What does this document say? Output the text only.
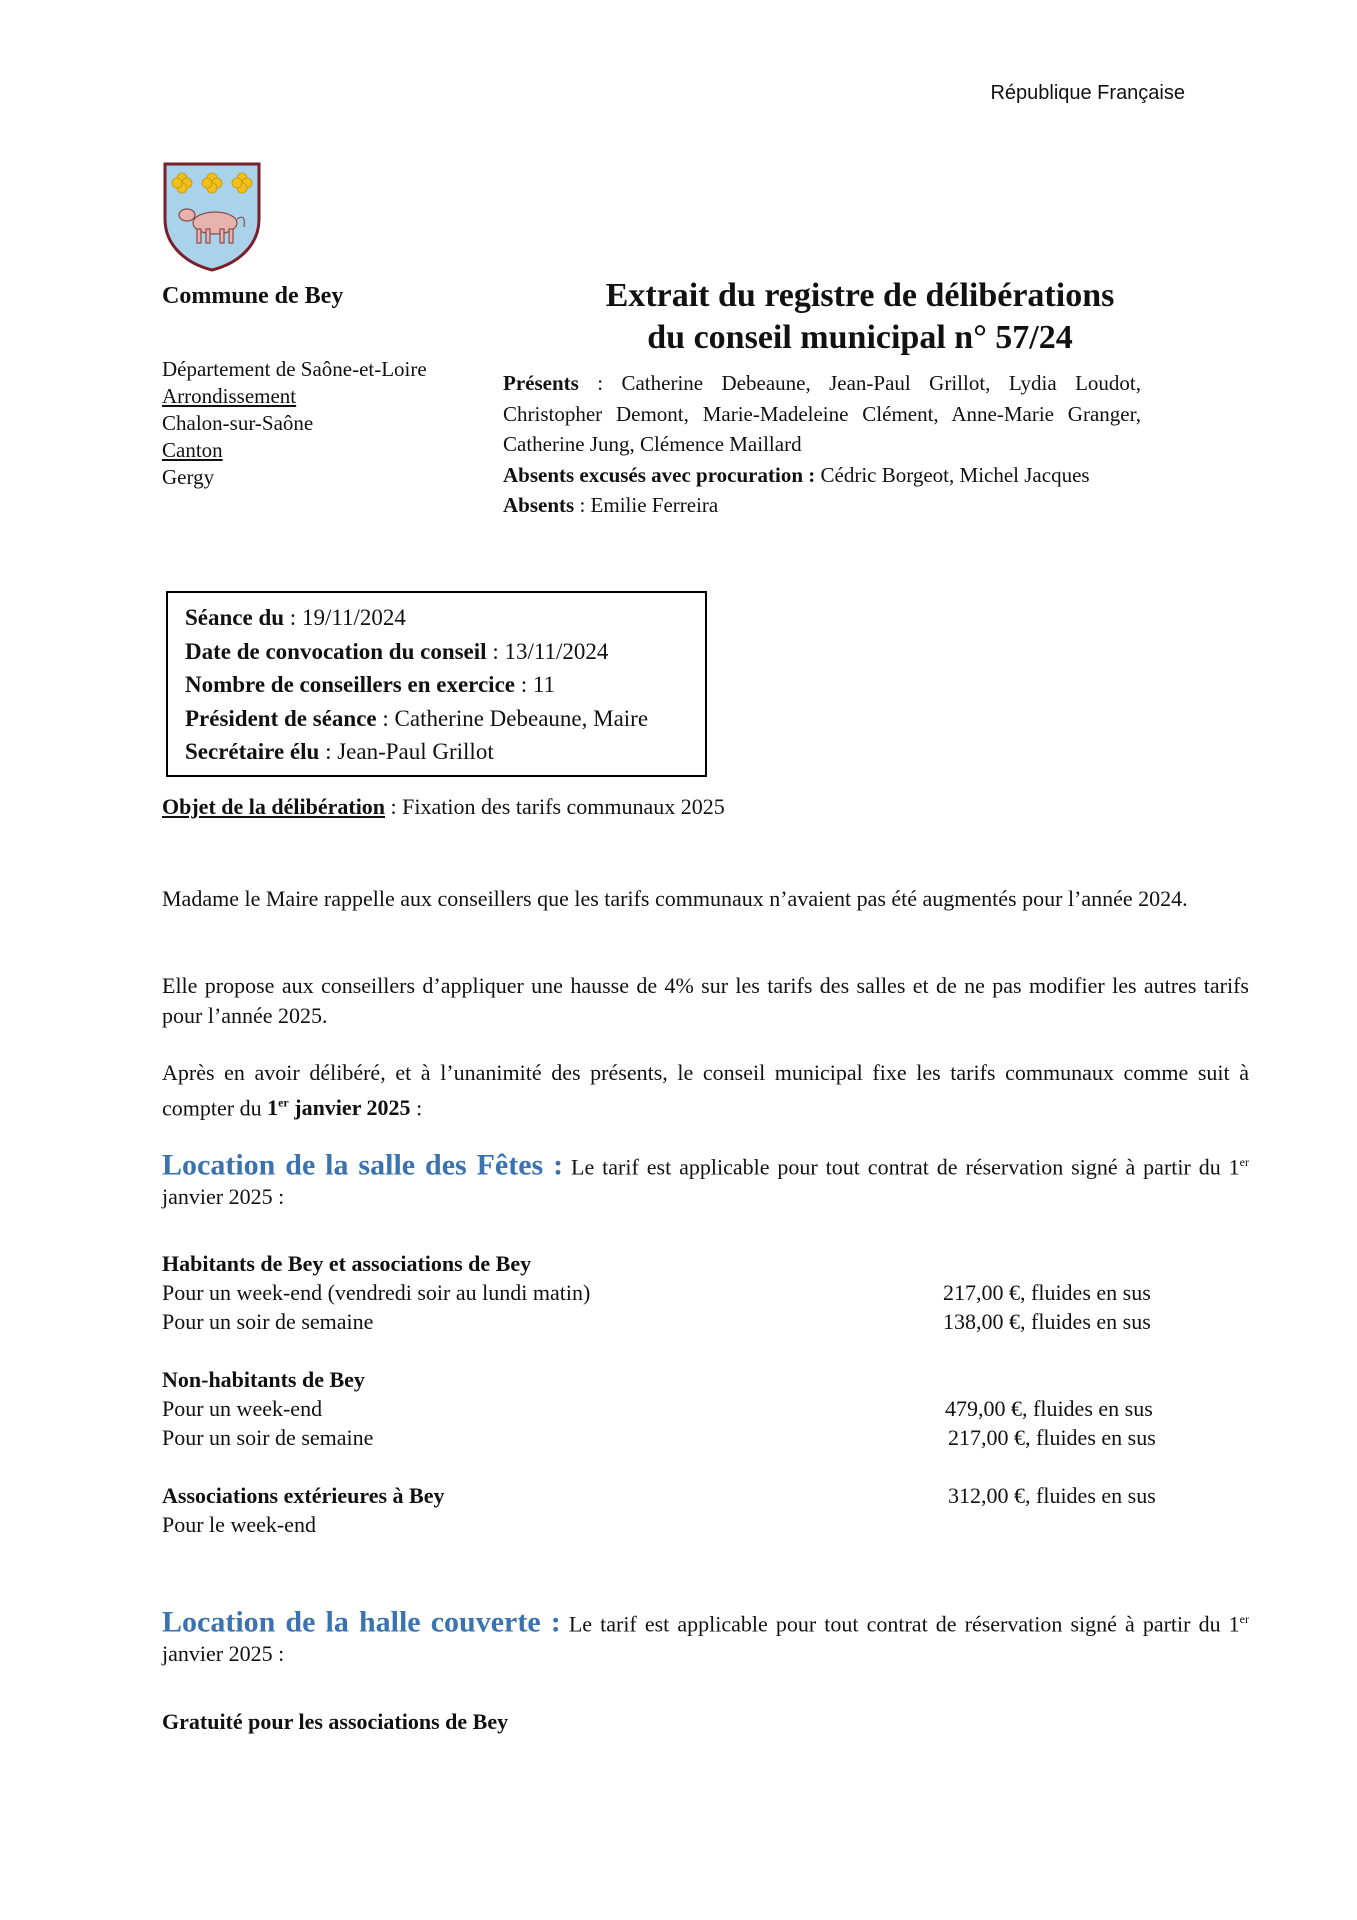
République Française
Commune de Bey
Département de Saône-et-Loire
Arrondissement
Chalon-sur-Saône
Canton
Gergy
Extrait du registre de délibérations
du conseil municipal n° 57/24
Présents : Catherine Debeaune, Jean-Paul Grillot, Lydia Loudot, Christopher Demont, Marie-Madeleine Clément, Anne-Marie Granger, Catherine Jung, Clémence Maillard
Absents excusés avec procuration : Cédric Borgeot, Michel Jacques
Absents : Emilie Ferreira
Séance du : 19/11/2024
Date de convocation du conseil : 13/11/2024
Nombre de conseillers en exercice : 11
Président de séance : Catherine Debeaune, Maire
Secrétaire élu : Jean-Paul Grillot
Objet de la délibération : Fixation des tarifs communaux 2025
Madame le Maire rappelle aux conseillers que les tarifs communaux n’avaient pas été augmentés pour l’année 2024.
Elle propose aux conseillers d’appliquer une hausse de 4% sur les tarifs des salles et de ne pas modifier les autres tarifs pour l’année 2025.
Après en avoir délibéré, et à l’unanimité des présents, le conseil municipal fixe les tarifs communaux comme suit à compter du 1er janvier 2025 :
Location de la salle des Fêtes : Le tarif est applicable pour tout contrat de réservation signé à partir du 1er janvier 2025 :
Habitants de Bey et associations de Bey
Pour un week-end (vendredi soir au lundi matin)	217,00 €, fluides en sus
Pour un soir de semaine	138,00 €, fluides en sus
Non-habitants de Bey
Pour un week-end	479,00 €, fluides en sus
Pour un soir de semaine	217,00 €, fluides en sus
Associations extérieures à Bey	312,00 €, fluides en sus
Pour le week-end
Location de la halle couverte : Le tarif est applicable pour tout contrat de réservation signé à partir du 1er janvier 2025 :
Gratuité pour les associations de Bey
